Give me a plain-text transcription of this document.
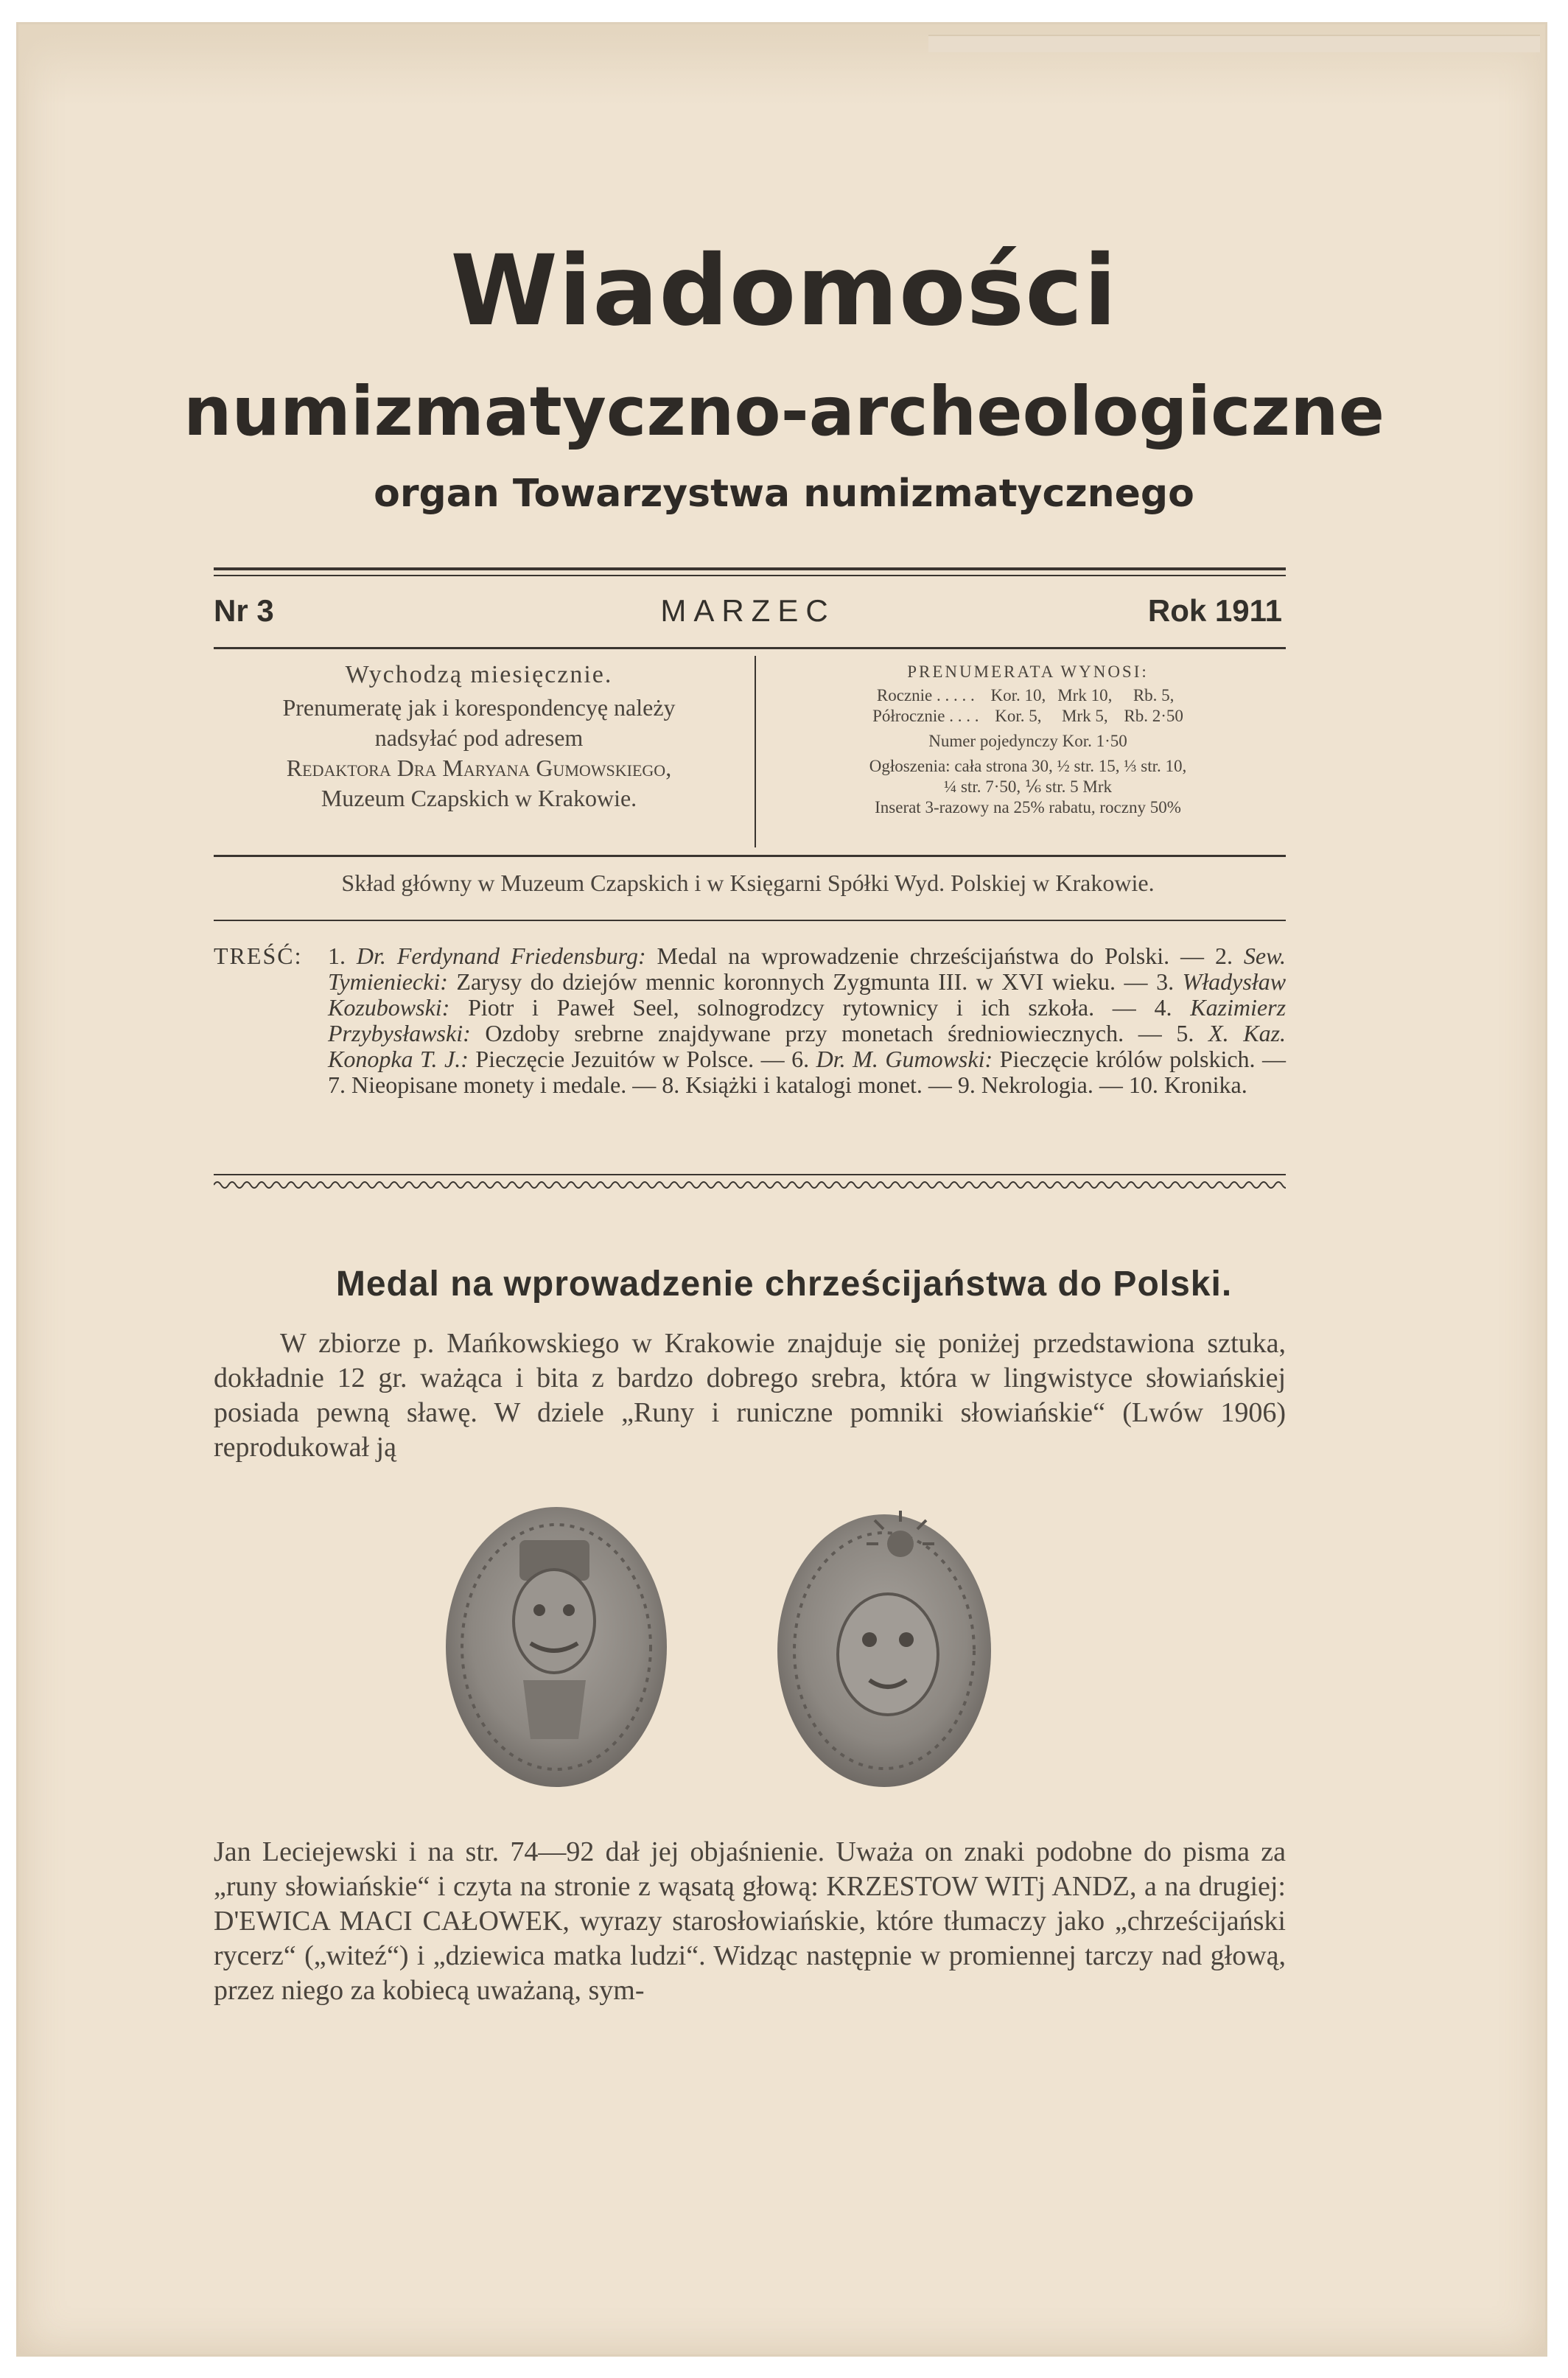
Wiadomości
numizmatyczno-archeologiczne
organ Towarzystwa numizmatycznego
Nr 3	MARZEC	Rok 1911
Wychodzą miesięcznie.
Prenumeratę jak i korespondencyę należy
nadsyłać pod adresem
Redaktora Dra Maryana Gumowskiego,
Muzeum Czapskich w Krakowie.
PRENUMERATA WYNOSI:
Rocznie . . . . .	Kor. 10,	Mrk 10,	Rb. 5,
Półrocznie . . . .	Kor. 5,	Mrk 5,	Rb. 2·50
Numer pojedynczy Kor. 1·50
Ogłoszenia: cała strona 30, ½ str. 15, ⅓ str. 10,
¼ str. 7·50, ⅙ str. 5 Mrk
Inserat 3-razowy na 25% rabatu, roczny 50%
Skład główny w Muzeum Czapskich i w Księgarni Spółki Wyd. Polskiej w Krakowie.
TREŚĆ: 1. Dr. Ferdynand Friedensburg: Medal na wprowadzenie chrześcijaństwa do Polski. — 2. Sew. Tymieniecki: Zarysy do dziejów mennic koronnych Zygmunta III. w XVI wieku. — 3. Władysław Kozubowski: Piotr i Paweł Seel, solnogrodzcy rytownicy i ich szkoła. — 4. Kazimierz Przybysławski: Ozdoby srebrne znajdywane przy monetach średniowiecznych. — 5. X. Kaz. Konopka T. J.: Pieczęcie Jezuitów w Polsce. — 6. Dr. M. Gumowski: Pieczęcie królów polskich. — 7. Nieopisane monety i medale. — 8. Książki i katalogi monet. — 9. Nekrologia. — 10. Kronika.
Medal na wprowadzenie chrześcijaństwa do Polski.
W zbiorze p. Mańkowskiego w Krakowie znajduje się poniżej przedstawiona sztuka, dokładnie 12 gr. ważąca i bita z bardzo dobrego srebra, która w lingwistyce słowiańskiej posiada pewną sławę. W dziele „Runy i runiczne pomniki słowiańskie“ (Lwów 1906) reprodukował ją
Jan Leciejewski i na str. 74—92 dał jej objaśnienie. Uważa on znaki podobne do pisma za „runy słowiańskie“ i czyta na stronie z wąsatą głową: KRZESTOW WITj ANDZ, a na drugiej: D'EWICA MACI CAŁOWEK, wyrazy starosłowiańskie, które tłumaczy jako „chrześcijański rycerz“ („witeź“) i „dziewica matka ludzi“. Widząc następnie w promiennej tarczy nad głową, przez niego za kobiecą uważaną, sym-
